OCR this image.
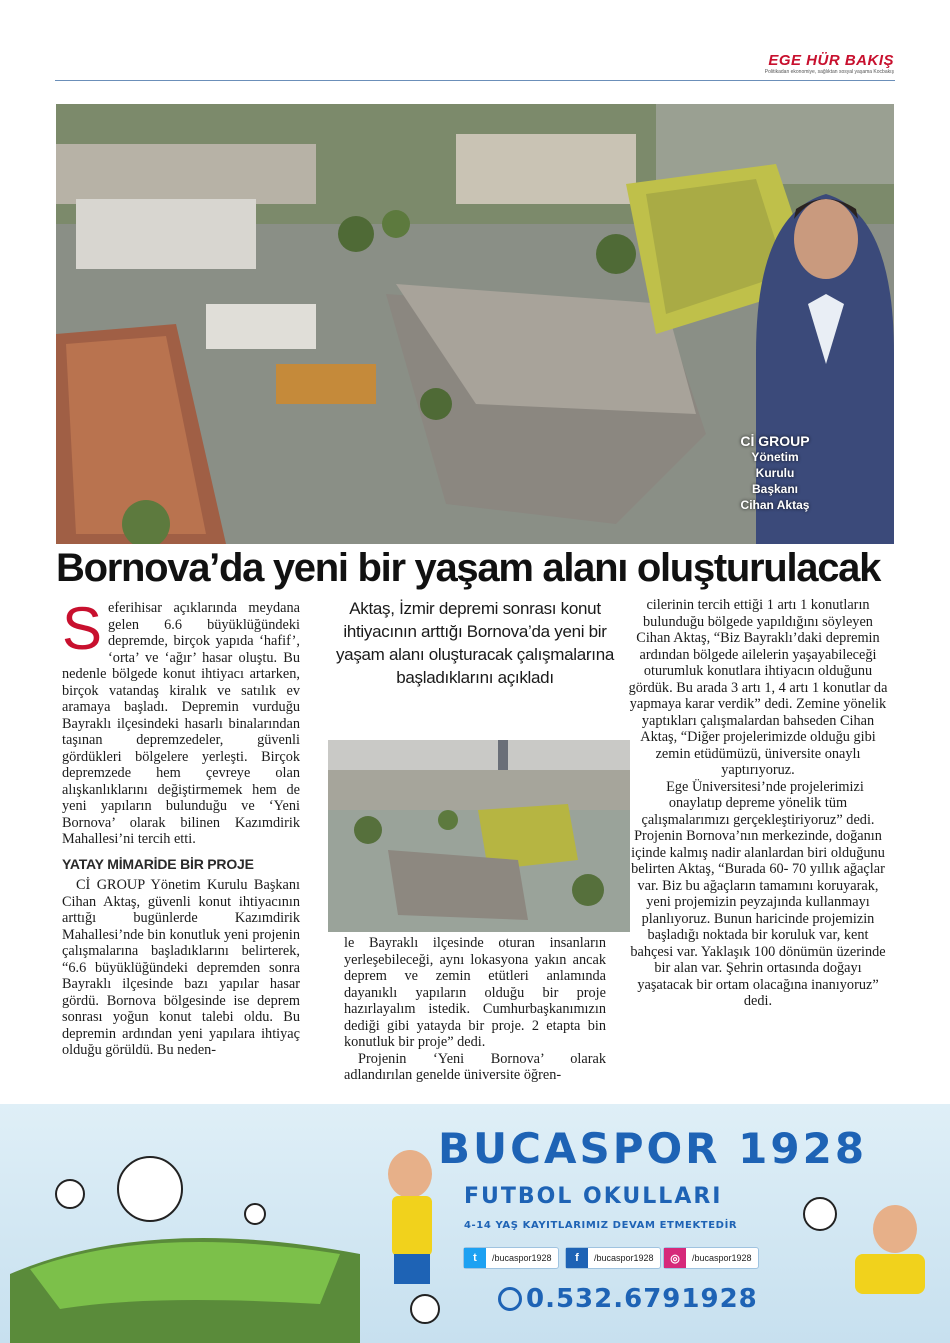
EGE HÜR BAKIŞ
Politikadan ekonomiye, sağlıktan sosyal yaşama Kocbakış
Cİ GROUP
Yönetim
Kurulu
Başkanı
Cihan Aktaş
Bornova’da yeni bir yaşam alanı oluşturulacak
S eferihisar açıklarında meydana gelen 6.6 büyüklüğündeki depremde, birçok yapıda ‘hafif’, ‘orta’ ve ‘ağır’ hasar oluştu. Bu nedenle bölgede konut ihtiyacı artarken, birçok vatandaş kiralık ve satılık ev aramaya başladı. Depremin vurduğu Bayraklı ilçesindeki hasarlı binalarından taşınan depremzedeler, güvenli gördükleri bölgelere yerleşti. Birçok depremzede hem çevreye olan alışkanlıklarını değiştirmemek hem de yeni yapıların bulunduğu ve ‘Yeni Bornova’ olarak bilinen Kazımdirik Mahallesi’ni tercih etti.

YATAY MİMARİDE BİR PROJE

Cİ GROUP Yönetim Kurulu Başkanı Cihan Aktaş, güvenli konut ihtiyacının arttığı bugünlerde Kazımdirik Mahallesi’nde bin konutluk yeni projenin çalışmalarına başladıklarını belirterek, “6.6 büyüklüğündeki depremden sonra Bayraklı ilçesinde bazı yapılar hasar gördü. Bornova bölgesinde ise deprem sonrası yoğun konut talebi oldu. Bu depremin ardından yeni yapılara ihtiyaç olduğu görüldü. Bu neden-

Aktaş, İzmir depremi sonrası konut ihtiyacının arttığı Bornova’da yeni bir yaşam alanı oluşturacak çalışmalarına başladıklarını açıkladı

le Bayraklı ilçesinde oturan insanların yerleşebileceği, aynı lokasyona yakın ancak deprem ve zemin etütleri anlamında dayanıklı yapıların olduğu bir proje hazırlayalım istedik. Cumhurbaşkanımızın dediği gibi yatayda bir proje. 2 etapta bin konutluk bir proje” dedi.

Projenin ‘Yeni Bornova’ olarak adlandırılan genelde üniversite öğren-

cilerinin tercih ettiği 1 artı 1 konutların bulunduğu bölgede yapıldığını söyleyen Cihan Aktaş, “Biz Bayraklı’daki depremin ardından bölgede ailelerin yaşayabileceği oturumluk konutlara ihtiyacın olduğunu gördük. Bu arada 3 artı 1, 4 artı 1 konutlar da yapmaya karar verdik” dedi. Zemine yönelik yaptıkları çalışmalardan bahseden Cihan Aktaş, “Diğer projelerimizde olduğu gibi zemin etüdümüzü, üniversite onaylı yaptırıyoruz.

Ege Üniversitesi’nde projelerimizi onaylatıp depreme yönelik tüm çalışmalarımızı gerçekleştiriyoruz” dedi. Projenin Bornova’nın merkezinde, doğanın içinde kalmış nadir alanlardan biri olduğunu belirten Aktaş, “Burada 60- 70 yıllık ağaçlar var. Biz bu ağaçların tamamını koruyarak, yeni projemizin peyzajında kullanmayı planlıyoruz. Bunun haricinde projemizin başladığı noktada bir koruluk var, kent bahçesi var. Yaklaşık 100 dönümün üzerinde bir alan var. Şehrin ortasında doğayı yaşatacak bir ortam olacağına inanıyoruz” dedi.

BUCASPOR 1928
FUTBOL OKULLARI
4-14 YAŞ KAYITLARIMIZ DEVAM ETMEKTEDİR
t	/bucaspor1928	f	/bucaspor1928	◎	/bucaspor1928
0.532.6791928
